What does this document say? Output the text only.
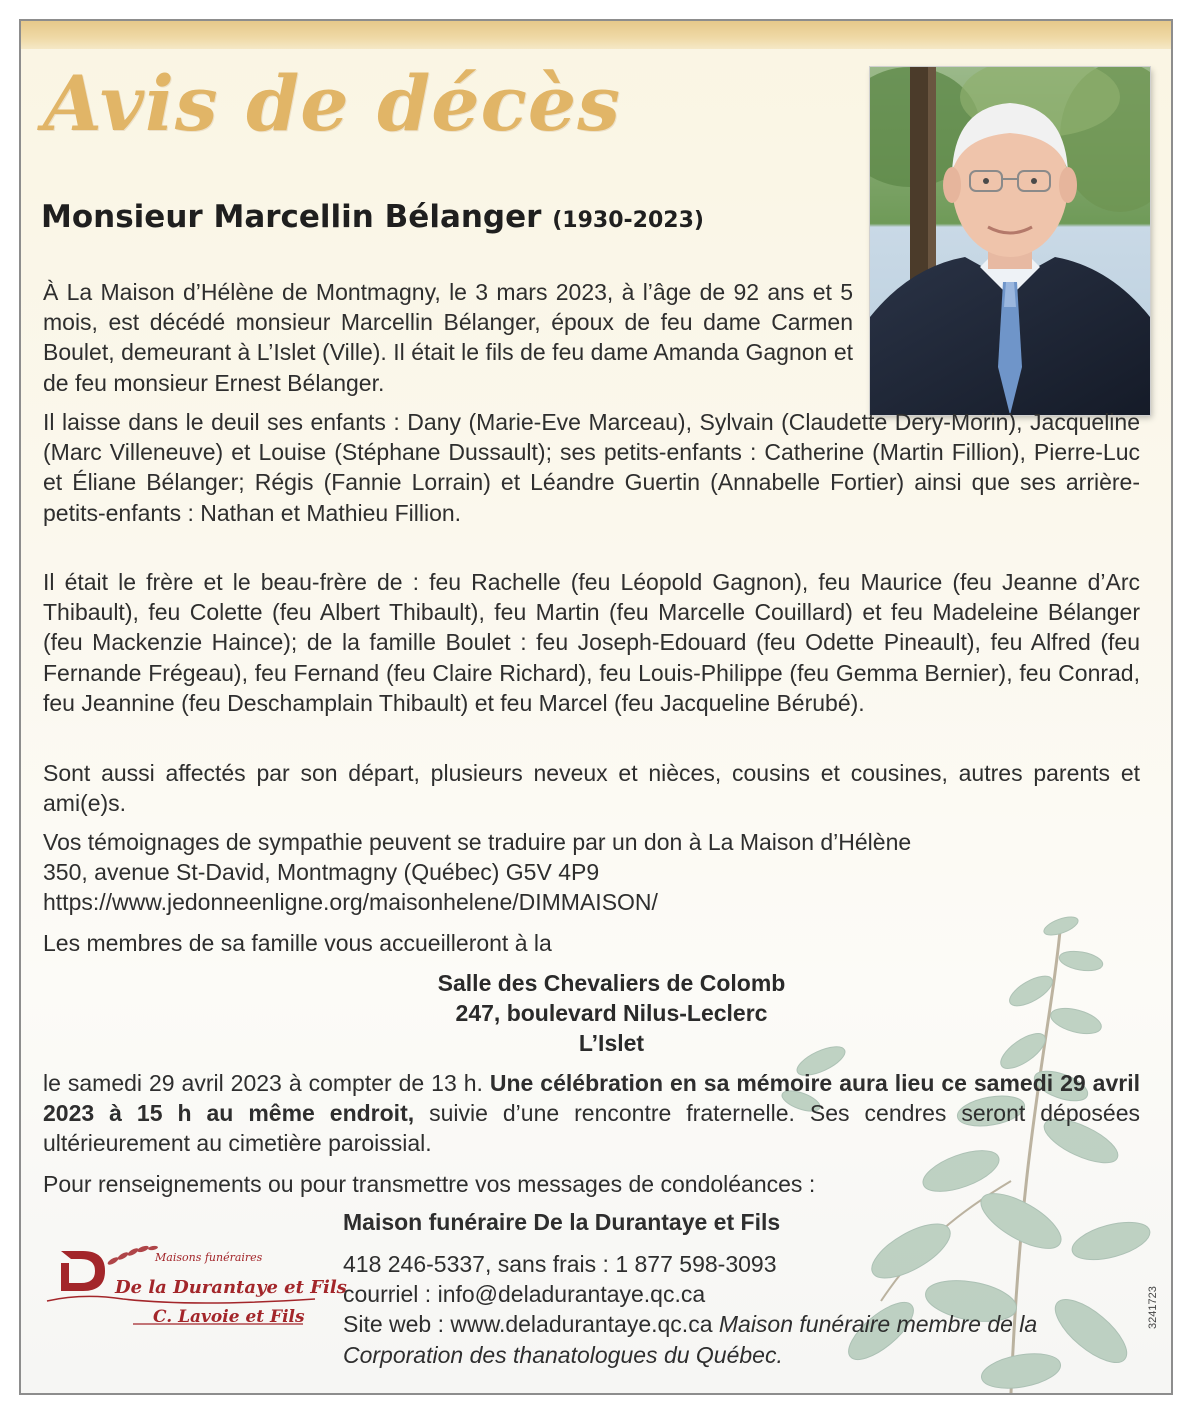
Avis de décès
Monsieur Marcellin Bélanger (1930-2023)

À La Maison d’Hélène de Montmagny, le 3 mars 2023, à l’âge de 92 ans et 5 mois, est décédé monsieur Marcellin Bélanger, époux de feu dame Carmen Boulet, demeurant à L’Islet (Ville). Il était le fils de feu dame Amanda Gagnon et de feu monsieur Ernest Bélanger.

Il laisse dans le deuil ses enfants : Dany (Marie-Eve Marceau), Sylvain (Claudette Dery-Morin), Jacqueline (Marc Villeneuve) et Louise (Stéphane Dussault); ses petits-enfants : Catherine (Martin Fillion), Pierre-Luc et Éliane Bélanger; Régis (Fannie Lorrain) et Léandre Guertin (Annabelle Fortier) ainsi que ses arrière-petits-enfants : Nathan et Mathieu Fillion.

Il était le frère et le beau-frère de : feu Rachelle (feu Léopold Gagnon), feu Maurice (feu Jeanne d’Arc Thibault), feu Colette (feu Albert Thibault), feu Martin (feu Marcelle Couillard) et feu Madeleine Bélanger (feu Mackenzie Haince); de la famille Boulet : feu Joseph-Edouard (feu Odette Pineault), feu Alfred (feu Fernande Frégeau), feu Fernand (feu Claire Richard), feu Louis-Philippe (feu Gemma Bernier), feu Conrad, feu Jeannine (feu Deschamplain Thibault) et feu Marcel (feu Jacqueline Bérubé).

Sont aussi affectés par son départ, plusieurs neveux et nièces, cousins et cousines, autres parents et ami(e)s.

Vos témoignages de sympathie peuvent se traduire par un don à La Maison d’Hélène
350, avenue St-David, Montmagny (Québec) G5V 4P9
https://www.jedonneenligne.org/maisonhelene/DIMMAISON/
Les membres de sa famille vous accueilleront à la
Salle des Chevaliers de Colomb
247, boulevard Nilus-Leclerc
L’Islet

le samedi 29 avril 2023 à compter de 13 h. Une célébration en sa mémoire aura lieu ce samedi 29 avril 2023 à 15 h au même endroit, suivie d’une rencontre fraternelle. Ses cendres seront déposées ultérieurement au cimetière paroissial.

Pour renseignements ou pour transmettre vos messages de condoléances :
Maison funéraire De la Durantaye et Fils
418 246-5337, sans frais : 1 877 598-3093
courriel : info@deladurantaye.qc.ca
Site web : www.deladurantaye.qc.ca Maison funéraire membre de la Corporation des thanatologues du Québec.
Maisons funéraires
De la Durantaye et Fils
C. Lavoie et Fils	3241723
